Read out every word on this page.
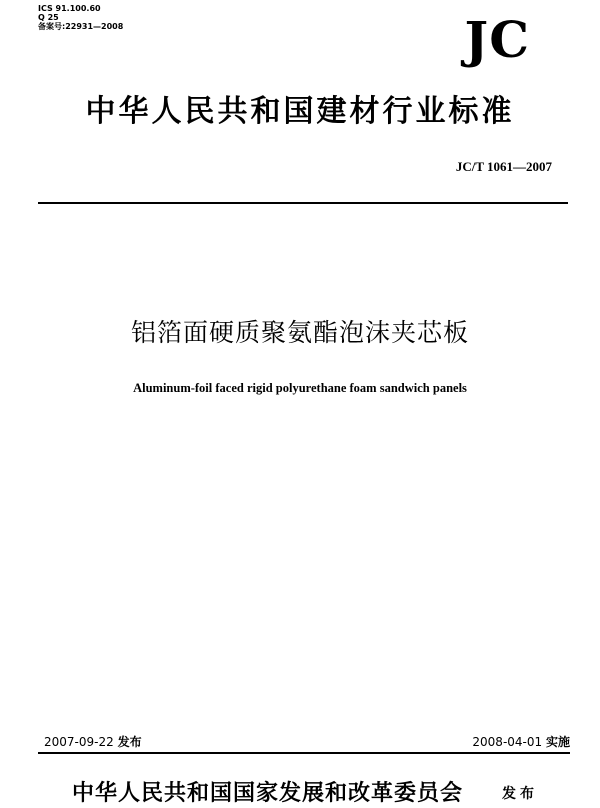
ICS 91.100.60
Q 25
备案号:22931—2008	JC
中华人民共和国建材行业标准
JC/T 1061—2007
铝箔面硬质聚氨酯泡沫夹芯板
Aluminum-foil faced rigid polyurethane foam sandwich panels
2007-09-22 发布	2008-04-01 实施
中华人民共和国国家发展和改革委员会	发布
